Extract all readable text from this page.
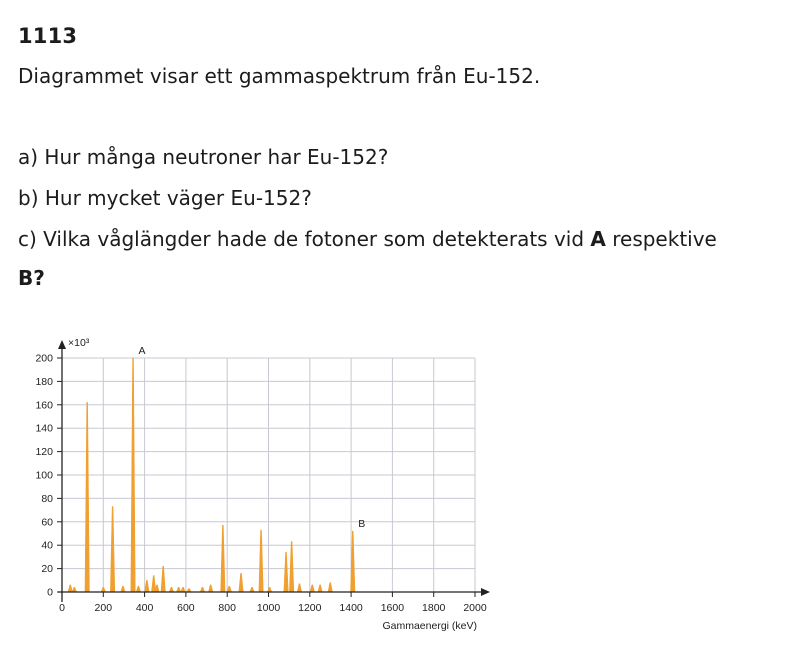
1113
Diagrammet visar ett gammaspektrum från Eu-152.
a) Hur många neutroner har Eu-152?
b) Hur mycket väger Eu-152?
c) Vilka våglängder hade de fotoner som detekterats vid A respektive
B?
0
20
40
60
80
100
120
140
160
180
200
0	200 400 600 800 1000 1200 1400 1600 1800 2000
×10³
Gammaenergi (keV)
A
B
